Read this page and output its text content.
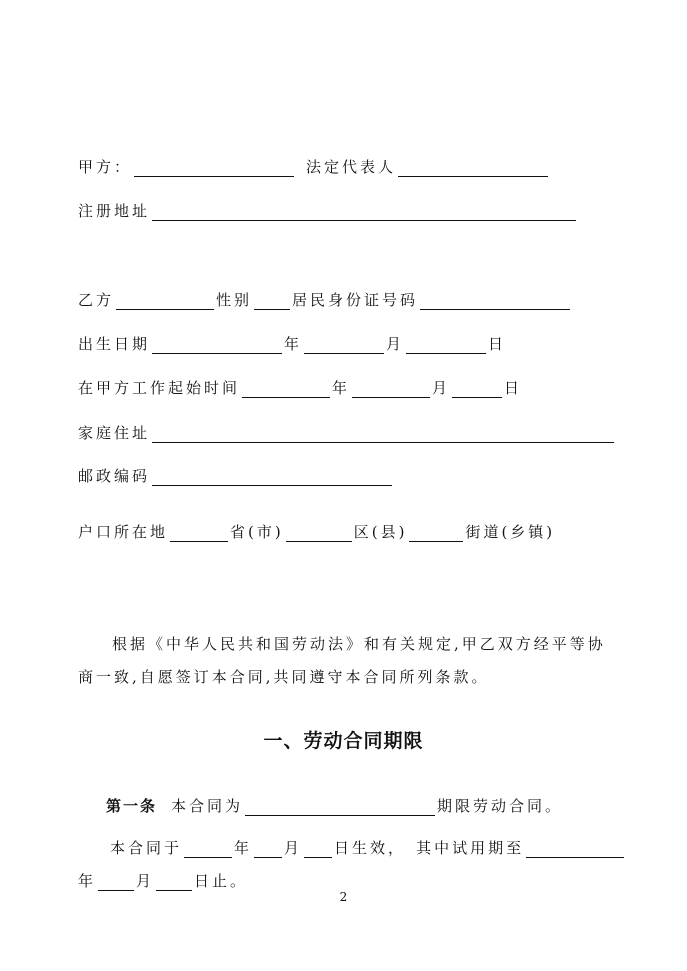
甲方：	法定代表人
注册地址
乙方	性别	居民身份证号码
出生日期	年	月	日
在甲方工作起始时间	年	月	日
家庭住址
邮政编码
户口所在地	省(市)	区(县)	街道(乡镇)
根据《中华人民共和国劳动法》和有关规定,甲乙双方经平等协商一致,自愿签订本合同,共同遵守本合同所列条款。
一、劳动合同期限
第一条 本合同为	期限劳动合同。
本合同于	年 月 日生效， 其中试用期至
年	月	日止。
2
